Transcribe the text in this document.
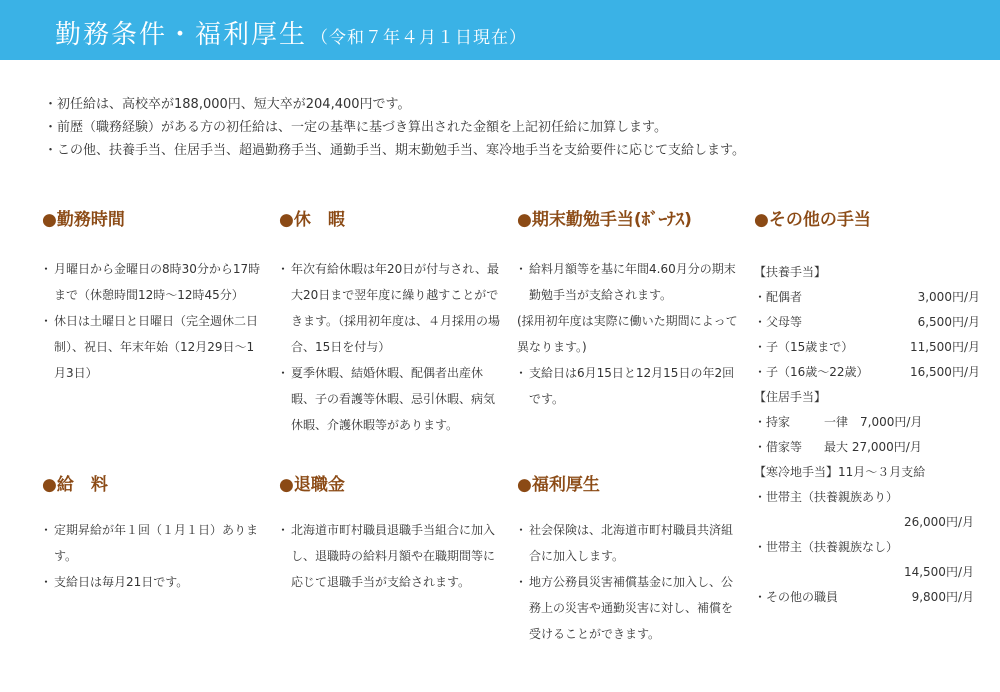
勤務条件・福利厚生 （令和７年４月１日現在）
・初任給は、高校卒が188,000円、短大卒が204,400円です。
・前歴（職務経験）がある方の初任給は、一定の基準に基づき算出された金額を上記初任給に加算します。
・この他、扶養手当、住居手当、超過勤務手当、通勤手当、期末勤勉手当、寒冷地手当を支給要件に応じて支給します。
●勤務時間
・ 月曜日から金曜日の8時30分から17時まで（休憩時間12時～12時45分）
・ 休日は土曜日と日曜日（完全週休二日制）、祝日、年末年始（12月29日～1月3日）
●休　暇
・ 年次有給休暇は年20日が付与され、最大20日まで翌年度に繰り越すことができます。（採用初年度は、４月採用の場合、15日を付与）
・ 夏季休暇、結婚休暇、配偶者出産休暇、子の看護等休暇、忌引休暇、病気休暇、介護休暇等があります。
●期末勤勉手当(ﾎﾞｰﾅｽ)
・ 給料月額等を基に年間4.60月分の期末勤勉手当が支給されます。
(採用初年度は実際に働いた期間によって異なります。)
・ 支給日は6月15日と12月15日の年2回です。
●給　料
・ 定期昇給が年１回（１月１日）あります。
・ 支給日は毎月21日です。
●退職金
・ 北海道市町村職員退職手当組合に加入し、退職時の給料月額や在職期間等に応じて退職手当が支給されます。
●福利厚生
・ 社会保険は、北海道市町村職員共済組合に加入します。
・ 地方公務員災害補償基金に加入し、公務上の災害や通勤災害に対し、補償を受けることができます。
●その他の手当
【扶養手当】
・ 配偶者	3,000円/月
・ 父母等	6,500円/月
・ 子（15歳まで）	11,500円/月
・ 子（16歳～22歳）	16,500円/月
【住居手当】
・ 持家	一律　7,000円/月
・ 借家等	最大 27,000円/月
【寒冷地手当】11月～３月支給
・ 世帯主（扶養親族あり）
26,000円/月
・ 世帯主（扶養親族なし）
14,500円/月
・ その他の職員	9,800円/月
